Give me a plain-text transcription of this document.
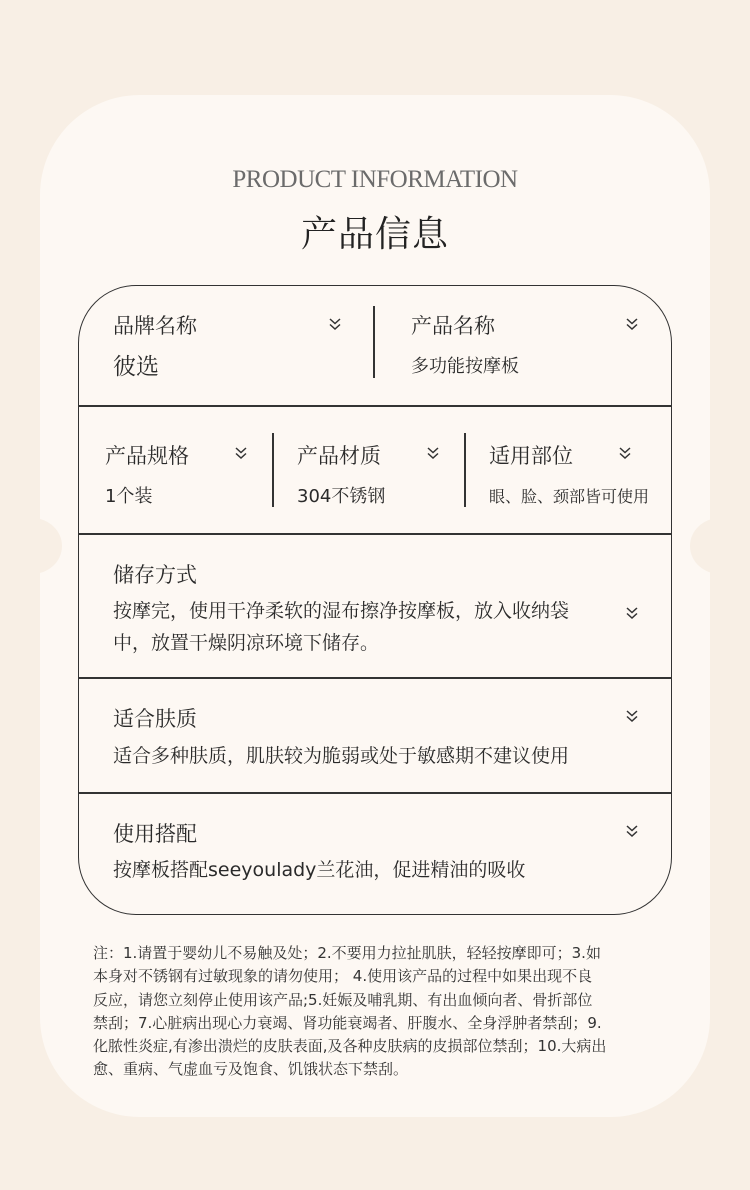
PRODUCT INFORMATION
产品信息
品牌名称
彼选
产品名称
多功能按摩板
产品规格
1个装
产品材质
304不锈钢
适用部位
眼、脸、颈部皆可使用
储存方式
按摩完，使用干净柔软的湿布擦净按摩板，放入收纳袋
中，放置干燥阴凉环境下储存。
适合肤质
适合多种肤质，肌肤较为脆弱或处于敏感期不建议使用
使用搭配
按摩板搭配seeyoulady兰花油，促进精油的吸收
注：1.请置于婴幼儿不易触及处；2.不要用力拉扯肌肤，轻轻按摩即可；3.如
本身对不锈钢有过敏现象的请勿使用； 4.使用该产品的过程中如果出现不良
反应，请您立刻停止使用该产品;5.妊娠及哺乳期、有出血倾向者、骨折部位
禁刮；7.心脏病出现心力衰竭、肾功能衰竭者、肝腹水、全身浮肿者禁刮；9.
化脓性炎症,有渗出溃烂的皮肤表面,及各种皮肤病的皮损部位禁刮；10.大病出
愈、重病、气虚血亏及饱食、饥饿状态下禁刮。
